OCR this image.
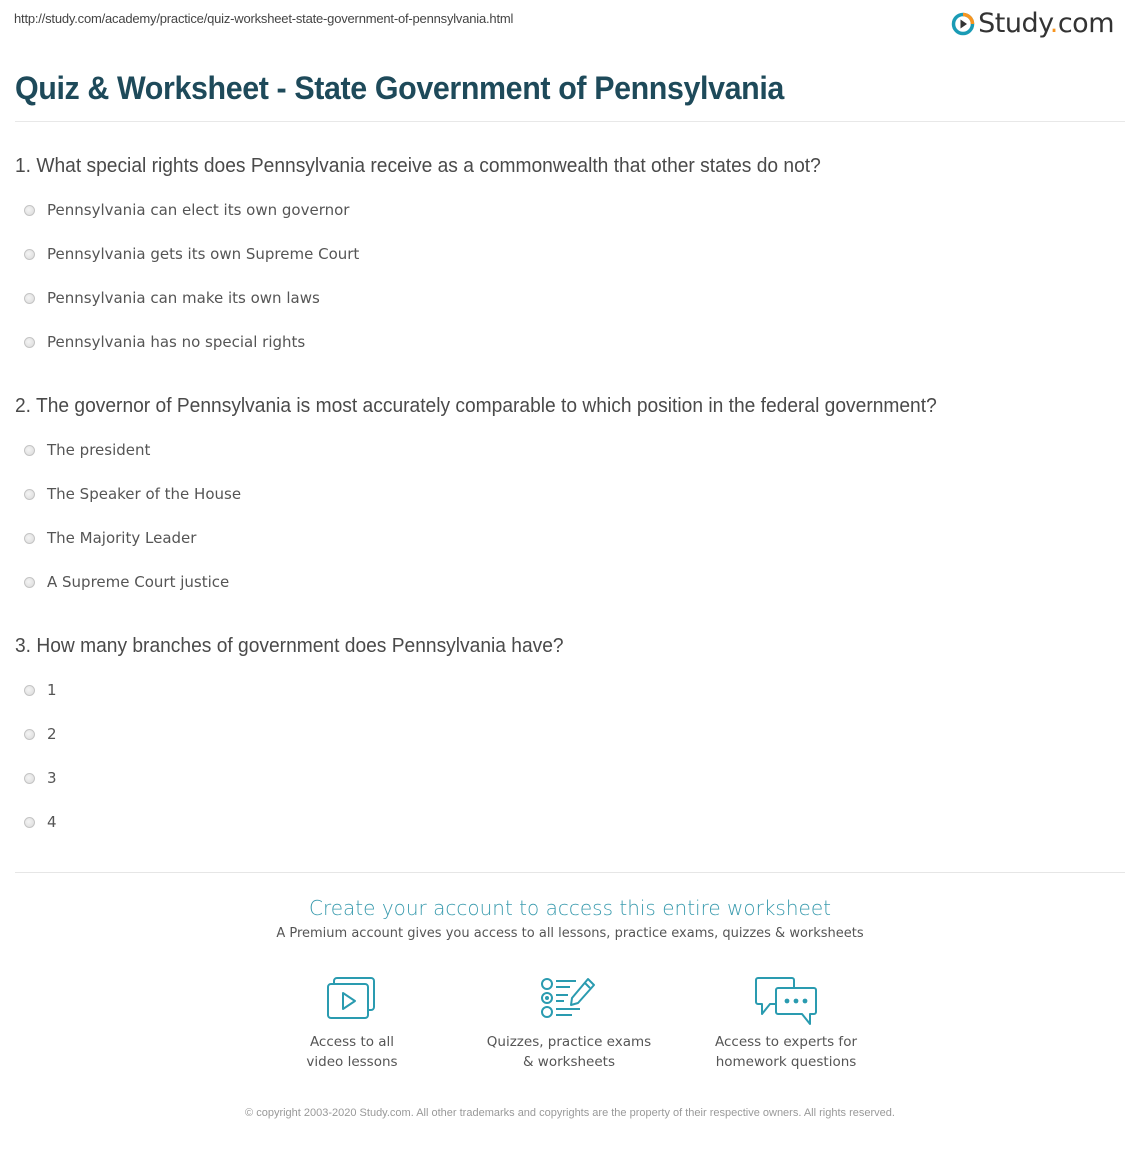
http://study.com/academy/practice/quiz-worksheet-state-government-of-pennsylvania.html	Study.com
Quiz & Worksheet - State Government of Pennsylvania
1. What special rights does Pennsylvania receive as a commonwealth that other states do not?
Pennsylvania can elect its own governor
Pennsylvania gets its own Supreme Court
Pennsylvania can make its own laws
Pennsylvania has no special rights
2. The governor of Pennsylvania is most accurately comparable to which position in the federal government?
The president
The Speaker of the House
The Majority Leader
A Supreme Court justice
3. How many branches of government does Pennsylvania have?
1
2
3
4
Create your account to access this entire worksheet
A Premium account gives you access to all lessons, practice exams, quizzes & worksheets
Access to all
video lessons
Quizzes, practice exams
& worksheets
Access to experts for
homework questions
© copyright 2003-2020 Study.com. All other trademarks and copyrights are the property of their respective owners. All rights reserved.
